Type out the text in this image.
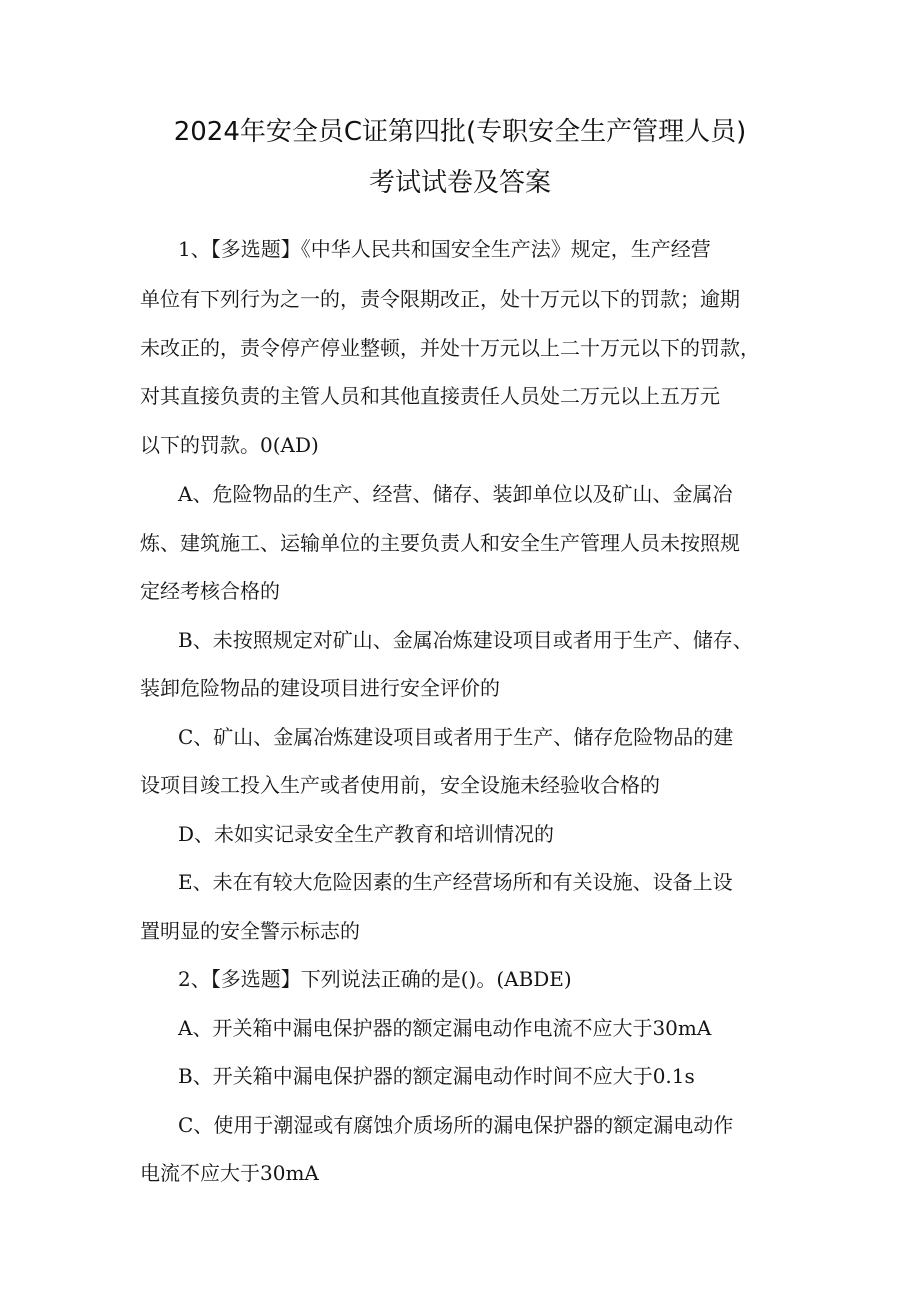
2024年安全员C证第四批(专职安全生产管理人员)
考试试卷及答案
1、【多选题】《中华人民共和国安全生产法》规定，生产经营
单位有下列行为之一的，责令限期改正，处十万元以下的罚款；逾期
未改正的，责令停产停业整顿，并处十万元以上二十万元以下的罚款，
对其直接负责的主管人员和其他直接责任人员处二万元以上五万元
以下的罚款。0(AD)
A、危险物品的生产、经营、储存、装卸单位以及矿山、金属冶
炼、建筑施工、运输单位的主要负责人和安全生产管理人员未按照规
定经考核合格的
B、未按照规定对矿山、金属冶炼建设项目或者用于生产、储存、
装卸危险物品的建设项目进行安全评价的
C、矿山、金属冶炼建设项目或者用于生产、储存危险物品的建
设项目竣工投入生产或者使用前，安全设施未经验收合格的
D、未如实记录安全生产教育和培训情况的
E、未在有较大危险因素的生产经营场所和有关设施、设备上设
置明显的安全警示标志的
2、【多选题】下列说法正确的是()。(ABDE)
A、开关箱中漏电保护器的额定漏电动作电流不应大于30mA
B、开关箱中漏电保护器的额定漏电动作时间不应大于0.1s
C、使用于潮湿或有腐蚀介质场所的漏电保护器的额定漏电动作
电流不应大于30mA
